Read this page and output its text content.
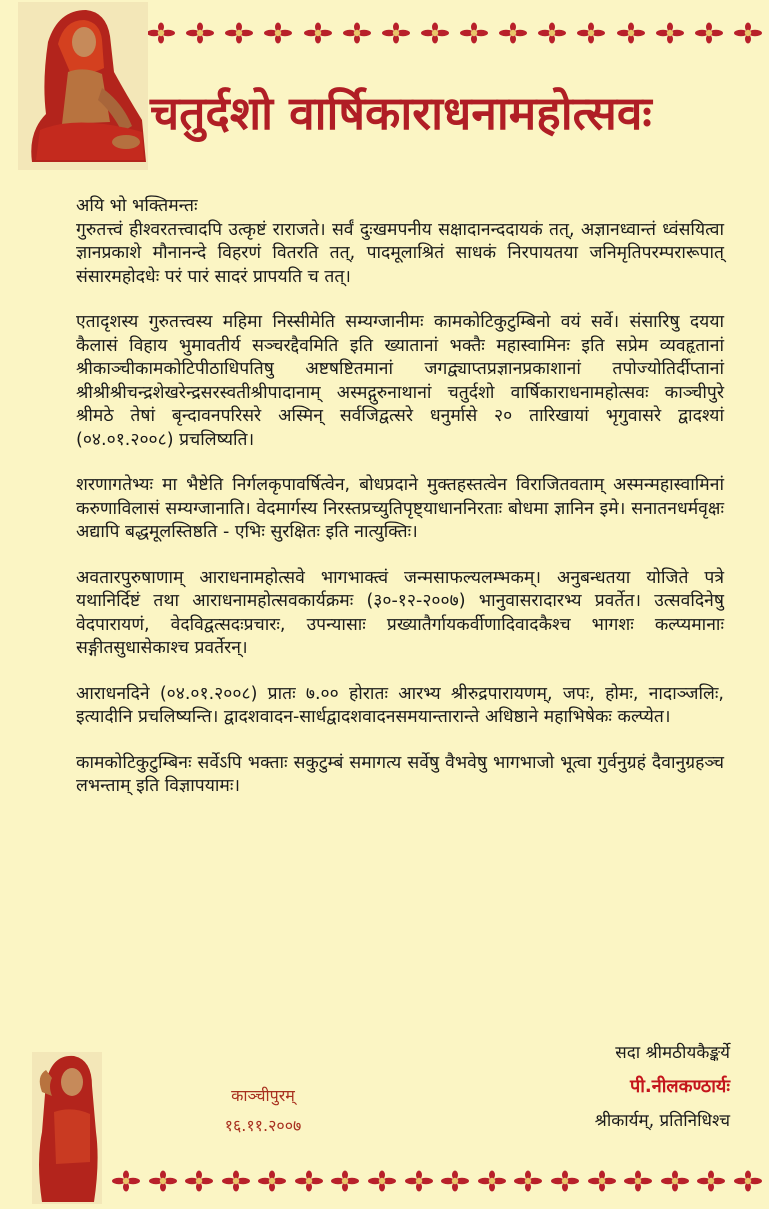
चतुर्दशो वार्षिकाराधनामहोत्सवः

अयि भो भक्तिमन्तः

गुरुतत्त्वं हीश्वरतत्त्वादपि उत्कृष्टं राराजते। सर्वं दुःखमपनीय सक्षादानन्ददायकं तत्, अज्ञानध्वान्तं ध्वंसयित्वा ज्ञानप्रकाशे मौनानन्दे विहरणं वितरति तत्, पादमूलाश्रितं साधकं निरपायतया जनिमृतिपरम्परारूपात् संसारमहोदधेः परं पारं सादरं प्रापयति च तत्।

एतादृशस्य गुरुतत्त्वस्य महिमा निस्सीमेति सम्यग्जानीमः कामकोटिकुटुम्बिनो वयं सर्वे। संसारिषु दयया कैलासं विहाय भुमावतीर्य सञ्चरद्दैवमिति इति ख्यातानां भक्तैः महास्वामिनः इति सप्रेम व्यवहृतानां श्रीकाञ्चीकामकोटिपीठाधिपतिषु अष्टषष्टितमानां जगद्व्याप्तप्रज्ञानप्रकाशानां तपोज्योतिर्दीप्तानां श्रीश्रीश्रीचन्द्रशेखरेन्द्रसरस्वतीश्रीपादानाम् अस्मद्गुरुनाथानां चतुर्दशो वार्षिकाराधनामहोत्सवः काञ्चीपुरे श्रीमठे तेषां बृन्दावनपरिसरे अस्मिन् सर्वजिद्वत्सरे धनुर्मासे २० तारिखायां भृगुवासरे द्वादश्यां (०४.०१.२००८) प्रचलिष्यति।

शरणागतेभ्यः मा भैष्टेति निर्गलकृपावर्षित्वेन, बोधप्रदाने मुक्तहस्तत्वेन विराजितवताम् अस्मन्महास्वामिनां करुणाविलासं सम्यग्जानाति। वेदमार्गस्य निरस्तप्रच्युतिपृष्ट्याधाननिरताः बोधमा ज्ञानिन इमे। सनातनधर्मवृक्षः अद्यापि बद्धमूलस्तिष्ठति - एभिः सुरक्षितः इति नात्युक्तिः।

अवतारपुरुषाणाम् आराधनामहोत्सवे भागभाक्त्वं जन्मसाफल्यलम्भकम्। अनुबन्धतया योजिते पत्रे यथानिर्दिष्टं तथा आराधनामहोत्सवकार्यक्रमः (३०-१२-२००७) भानुवासरादारभ्य प्रवर्तेत। उत्सवदिनेषु वेदपारायणं, वेदविद्वत्सदःप्रचारः, उपन्यासाः प्रख्यातैर्गायकर्वीणादिवादकैश्च भागशः कल्प्यमानाः सङ्गीतसुधासेकाश्च प्रवर्तेरन्।

आराधनदिने (०४.०१.२००८) प्रातः ७.०० होरातः आरभ्य श्रीरुद्रपारायणम्, जपः, होमः, नादाञ्जलिः, इत्यादीनि प्रचलिष्यन्ति। द्वादशवादन-सार्धद्वादशवादनसमयान्तारान्ते अधिष्ठाने महाभिषेकः कल्प्येत।

कामकोटिकुटुम्बिनः सर्वेऽपि भक्ताः सकुटुम्बं समागत्य सर्वेषु वैभवेषु भागभाजो भूत्वा गुर्वनुग्रहं दैवानुग्रहञ्च लभन्ताम् इति विज्ञापयामः।

सदा श्रीमठीयकैङ्कर्ये
पी.नीलकण्ठार्यः
श्रीकार्यम्, प्रतिनिधिश्च
काञ्चीपुरम्
१६.११.२००७
